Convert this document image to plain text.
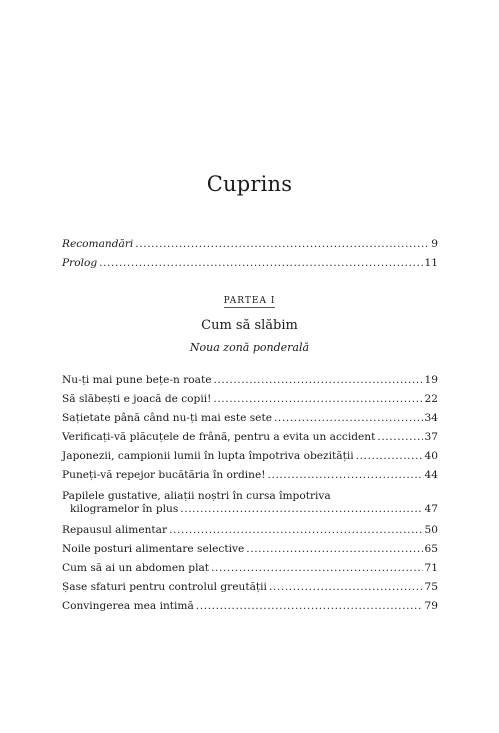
Cuprins
Recomandări .....	9
Prolog .....	11
PARTEA I
Cum să slăbim
Noua zonă ponderală
Nu-ți mai pune bețe-n roate .....	19
Să slăbești e joacă de copii! .....	22
Sațietate până când nu-ți mai este sete .....	34
Verificați-vă plăcuțele de frână, pentru a evita un accident .....	37
Japonezii, campionii lumii în lupta împotriva obezității .....	40
Puneți-vă repejor bucătăria în ordine! .....	44
Papilele gustative, aliații noștri în cursa împotriva
kilogramelor în plus .....	47
Repausul alimentar .....	50
Noile posturi alimentare selective .....	65
Cum să ai un abdomen plat .....	71
Șase sfaturi pentru controlul greutății .....	75
Convingerea mea intimă .....	79
